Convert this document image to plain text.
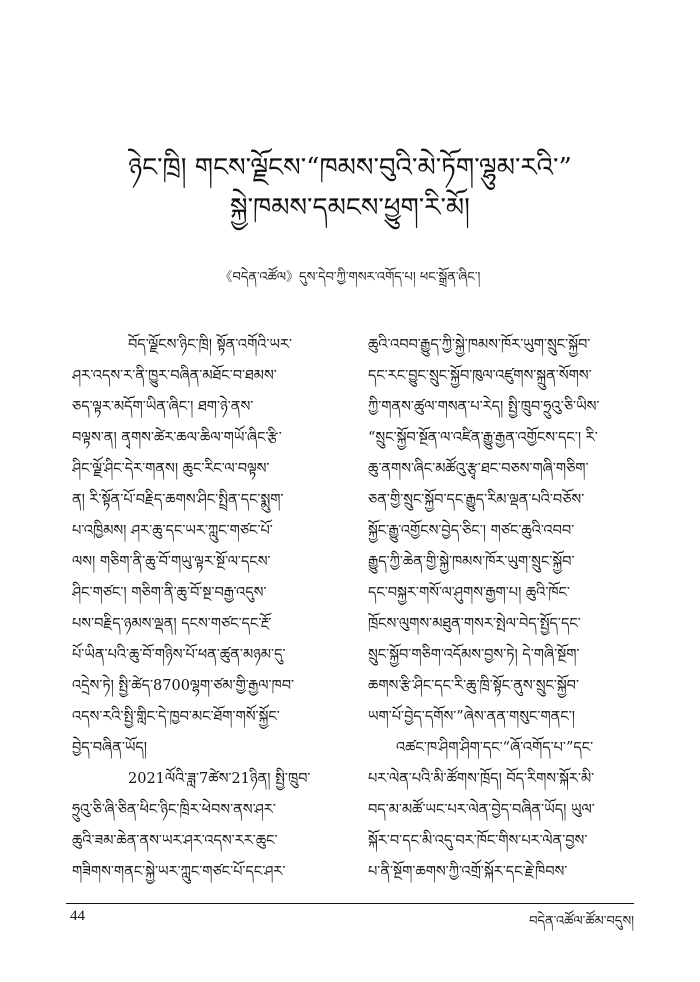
ཉེང་ཁྲི། གངས་ལྗོངས་“ཁམས་བུའི་མེ་ཏོག་ལྷུམ་རའི་”
སྐྱེ་ཁམས་དམངས་ཕྱུག་རི་མོ།
《བདེན་འཚོལ》དུས་དེབ་ཀྱི་གསར་འགོད་པ། ཕང་སྒྲོན་ཞིང་།
བོད་ལྗོངས་ཉིང་ཁྲི། སྟོན་འགོའི་ཡར་
ཤར་འདས་ར་ནི་ཁྱུར་བཞིན་མཐོང་བ་ཐམས་
ཅད་ལྟར་མདོག་ཡིན་ཞིང་། ཐག་ཉེ་ནས་
བལྟས་ན། ནྭགས་ཚེར་ཆལ་ཆིལ་གཡོ་ཞིང་རྩི་
ཤིང་ལྗོ་ཤིང་དེར་གནས། ཆུང་རིང་ལ་བལྟས་
ན། རི་སྟོན་པོ་བརྗིད་ཆགས་ཤིང་སྤྲིན་དང་སྨུག་
པ་འཁྱིམས། ཤར་ཆུ་དང་ཡར་ཀླུང་གཙང་པོ་
ལས། གཅིག་ནི་ཆུ་བོ་གཡུ་ལྟར་སྔོ་ལ་དངས་
ཤིང་གཙང་། གཅིག་ནི་ཆུ་བོ་སྔ་བརྒྱ་འདུས་
པས་བརྗིད་ཉམས་ལྡན། དངས་གཙང་དང་རྔོ་
པོ་ཡིན་པའི་ཆུ་བོ་གཉིས་པོ་ཕན་ཚུན་མཉམ་དུ་
འདྲེས་ཏེ། སྤྱི་ཚེད་8700ལྷག་ཙམ་གྱི་རྒྱལ་ཁབ་
འདས་རའི་སྤྱི་གླིང་དེ་ཁྱབ་མང་ཐོག་གསོ་སྐྱོང་
བྱེད་བཞིན་ཡོད།
2021ལོའི་ཟླ་7ཚེས་21ཉིན། སྤྱི་ཁྲུབ་
ཧྲུའུ་ཅི་ཞི་ཅིན་ཕིང་ཉིང་ཁྲིར་ཕེབས་ནས་ཤར་
ཆུའི་ཟམ་ཆེན་ནས་ཡར་ཤར་འདས་རར་ཆུང་
གཟིགས་གནང་སྐྱེ་ཡར་ཀླུང་གཙང་པོ་དང་ཤར་
ཆུའི་འབབ་རྒྱུད་ཀྱི་སྐྱེ་ཁམས་ཁོར་ཡུག་སྲུང་སྐྱོབ་
དང་རང་བྱུང་སྲུང་སྐྱོབ་ཁུལ་འཛུགས་སྐྲུན་སོགས་
ཀྱི་གནས་ཚུལ་གསན་པ་རེད། སྤྱི་ཁྲུབ་ཧྲུའུ་ཅི་ཡིས་
“སྲུང་སྐྱོབ་སྔོན་ལ་འཛིན་རྒྱུ་རྒྱན་འགྱོངས་དང་། རི་
ཆུ་ནགས་ཞིང་མཚོའུ་རྩྭ་ཐང་བཅས་གཞི་གཅིག་
ཅན་གྱི་སྲུང་སྐྱོབ་དང་རྒྱུད་རིམ་ལྡན་པའི་བཅོས་
སྐྱོང་རྒྱུ་འགྱོངས་བྱེད་ཅིང་། གཙང་ཆུའི་འབབ་
རྒྱུད་ཀྱི་ཆེན་གྱི་སྐྱེ་ཁམས་ཁོར་ཡུག་སྲུང་སྐྱོབ་
དང་བསྐྱར་གསོ་ལ་ཤུགས་རྒྱག་པ། ཆུའི་ཁོང་
ཁྲོངས་ལུགས་མཐུན་གསར་སྤེལ་བེད་སྤྱོད་དང་
སྲུང་སྐྱོབ་གཅིག་འདོམས་བྱས་ཏེ། དེ་གཞི་སྔོག་
ཆགས་རྩི་ཤིང་དང་རི་ཆུ་ཁྲི་སྟོང་ནུས་སྲུང་སྐྱོབ་
ཡག་པོ་བྱེད་དགོས་”ཞེས་ནན་གསུང་གནང་།
འཚང་ཁ་ཤིག་ཤིག་དང་“ཞོ་འགོད་པ་”དང་
པར་ལེན་པའི་མི་ཚོགས་ཁྲོད། བོད་རིགས་སྐོར་མི་
བད་མ་མཚོ་ཡང་པར་ལེན་བྱེད་བཞིན་ཡོད། ཡུལ་
སྐོར་བ་དང་མི་འདུ་བར་ཁོང་གིས་པར་ལེན་བྱས་
པ་ནི་སྔོག་ཆགས་ཀྱི་འགྲོ་སྐོར་དང་རྗེ་ཁིབས་
44	བདེན་འཚོལ་ཚོམ་བདུས།
